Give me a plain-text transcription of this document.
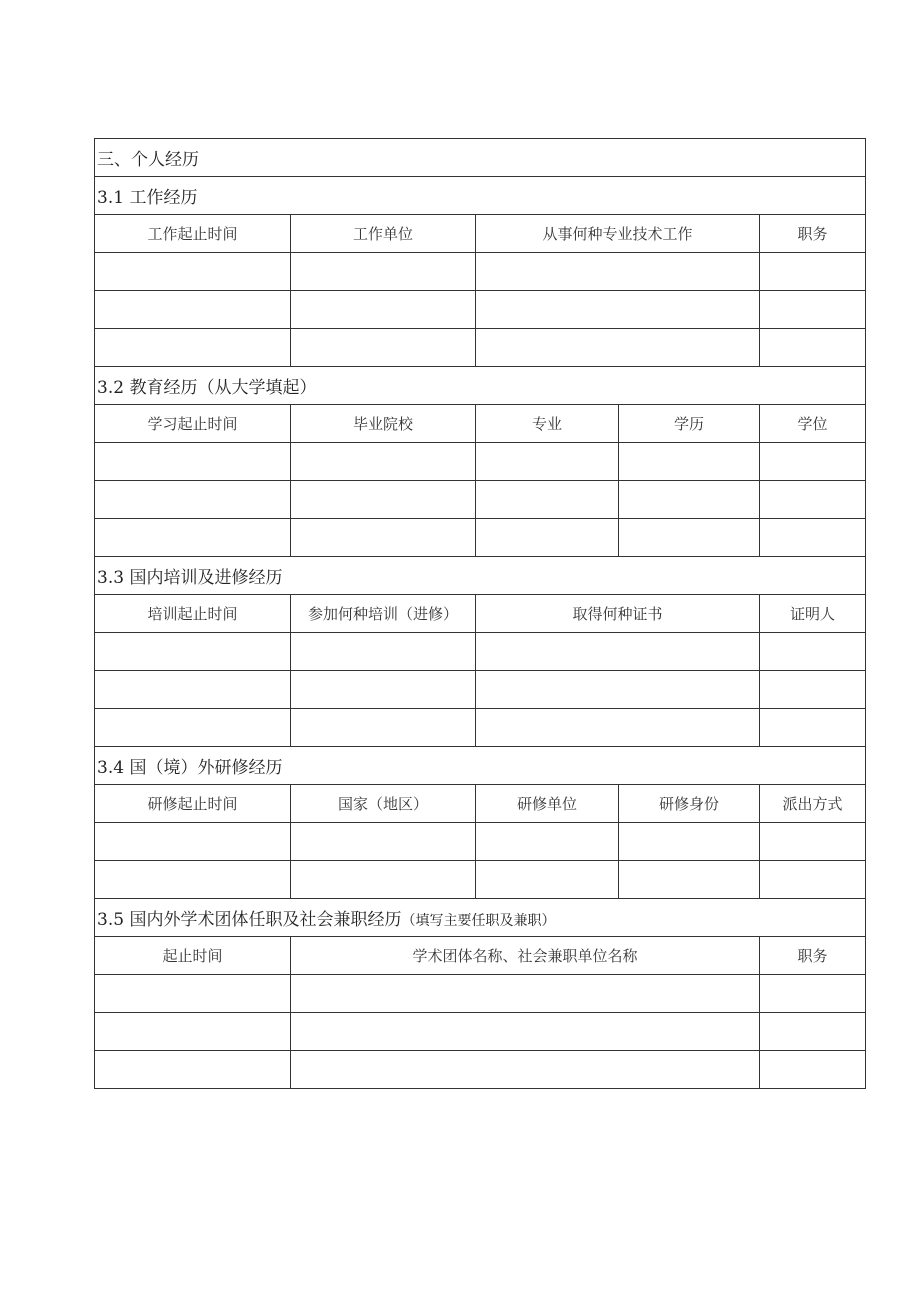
三、个人经历				
3.1 工作经历				
工作起止时间	工作单位	从事何种专业技术工作		职务

3.2 教育经历（从大学填起）				
学习起止时间	毕业院校	专业	学历	学位

3.3 国内培训及进修经历				
培训起止时间	参加何种培训（进修）	取得何种证书		证明人

3.4 国（境）外研修经历				
研修起止时间	国家（地区）	研修单位	研修身份	派出方式

3.5 国内外学术团体任职及社会兼职经历（填写主要任职及兼职）				
起止时间	学术团体名称、社会兼职单位名称			职务
